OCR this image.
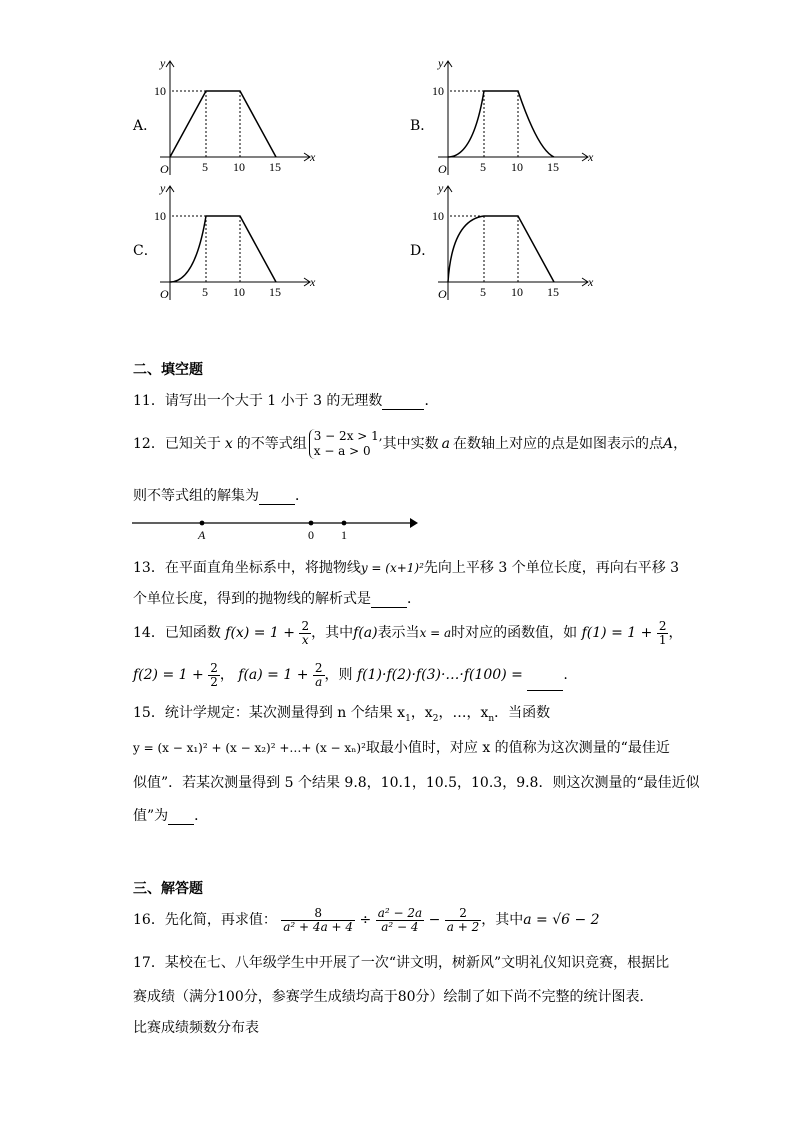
A．
y
x
O
10
5 10 15
B．
y
x
O
10
5 10 15
C．
y
x
O
10
5 10 15
D．
y
x
O
10
5 10 15
二、填空题
11．请写出一个大于 1 小于 3 的无理数	．
12．已知关于 x 的不等式组 3 − 2x > 1,
x − a > 0 其中实数 a 在数轴上对应的点是如图表示的点A，
则不等式组的解集为	．
A	0 1
13．在平面直角坐标系中，将抛物线y = (x+1)²先向上平移 3 个单位长度，再向右平移 3
个单位长度，得到的抛物线的解析式是	．
14．已知函数 $f(x) = 1 + \frac{2}{x}$ ，其中f(a)表示当x = a时对应的函数值，如 $f(1) = 1 + \frac{2}{1}$ ，
$f(2) = 1 + \frac{2}{2}$ ， $f(a) = 1 + \frac{2}{a}$ ，则 f(1)·f(2)·f(3)·…·f(100) =	.
15．统计学规定：某次测量得到 n 个结果 $x_1$，$x_2$，…，$x_n$．当函数
y = (x − x₁)² + (x − x₂)² +…+ (x − xₙ)²取最小值时，对应 x 的值称为这次测量的“最佳近
似值”．若某次测量得到 5 个结果 9.8，10.1，10.5，10.3，9.8．则这次测量的“最佳近似
值”为 ．
三、解答题
16．先化简，再求值： $\frac{8}{\text{a² + 4a + 4}} \div \frac{\text{a² − 2a}}{\text{a² − 4}} - \frac{2}{a + 2}$ ，其中a = √6 − 2
17．某校在七、八年级学生中开展了一次“讲文明，树新风”文明礼仪知识竞赛，根据比
赛成绩（满分100分，参赛学生成绩均高于80分）绘制了如下尚不完整的统计图表．
比赛成绩频数分布表
